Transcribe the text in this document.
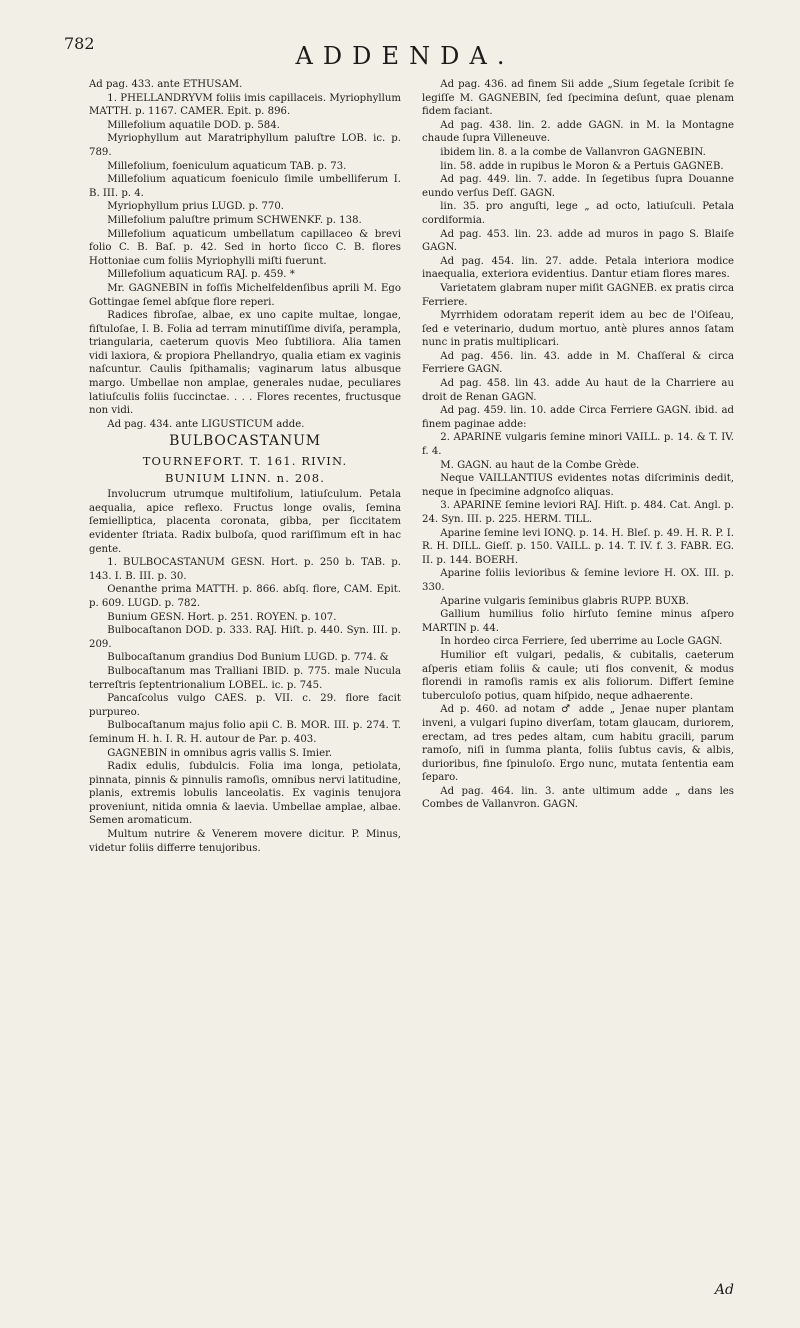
782	ADDENDA.

Ad pag. 433. ante ETHUSAM.

1. PHELLANDRYVM foliis imis capillaceis. Myriophyllum MATTH. p. 1167. CAMER. Epit. p. 896.

Millefolium aquatile DOD. p. 584.

Myriophyllum aut Maratriphyllum paluſtre LOB. ic. p. 789.

Millefolium, foeniculum aquaticum TAB. p. 73.

Millefolium aquaticum foeniculo ſimile umbelliferum I. B. III. p. 4.

Myriophyllum prius LUGD. p. 770.

Millefolium paluſtre primum SCHWENKF. p. 138.

Millefolium aquaticum umbellatum capillaceo & brevi folio C. B. Baſ. p. 42. Sed in horto ſicco C. B. flores Hottoniae cum foliis Myriophylli miſti fuerunt.

Millefolium aquaticum RAJ. p. 459. *

Mr. GAGNEBIN in foſſis Michelfeldenſibus aprili M. Ego Gottingae ſemel abſque flore reperi.

Radices fibroſae, albae, ex uno capite multae, longae, fiſtuloſae, I. B. Folia ad terram minutiſſime diviſa, perampla, triangularia, caeterum quovis Meo ſubtiliora. Alia tamen vidi laxiora, & propiora Phellandryo, qualia etiam ex vaginis naſcuntur. Caulis ſpithamalis; vaginarum latus albusque margo. Umbellae non amplae, generales nudae, peculiares latiuſculis foliis ſuccinctae. . . . Flores recentes, fructusque non vidi.

Ad pag. 434. ante LIGUSTICUM adde.

BULBOCASTANUM
TOURNEFORT. T. 161. RIVIN.
BUNIUM LINN. n. 208.

Involucrum utrumque multifolium, latiuſculum. Petala aequalia, apice reflexo. Fructus longe ovalis, ſemina ſemielliptica, placenta coronata, gibba, per ſiccitatem evidenter ſtriata. Radix bulboſa, quod rariſſimum eſt in hac gente.

1. BULBOCASTANUM GESN. Hort. p. 250 b. TAB. p. 143. I. B. III. p. 30.

Oenanthe prima MATTH. p. 866. abſq. flore, CAM. Epit. p. 609. LUGD. p. 782.

Bunium GESN. Hort. p. 251. ROYEN. p. 107.

Bulbocaſtanon DOD. p. 333. RAJ. Hiſt. p. 440. Syn. III. p. 209.

Bulbocaſtanum grandius Dod Bunium LUGD. p. 774. &

Bulbocaſtanum mas Tralliani IBID. p. 775. male Nucula terreſtris ſeptentrionalium LOBEL. ic. p. 745.

Pancaſcolus vulgo CAES. p. VII. c. 29. flore facit purpureo.

Bulbocaſtanum majus folio apii C. B. MOR. III. p. 274. T. ſeminum H. h. I. R. H. autour de Par. p. 403.

GAGNEBIN in omnibus agris vallis S. Imier.

Radix edulis, ſubdulcis. Folia ima longa, petiolata, pinnata, pinnis & pinnulis ramoſis, omnibus nervi latitudine, planis, extremis lobulis lanceolatis. Ex vaginis tenujora proveniunt, nitida omnia & laevia. Umbellae amplae, albae. Semen aromaticum.

Multum nutrire & Venerem movere dicitur. P. Minus, videtur foliis differre tenujoribus.

Ad pag. 436. ad finem Sii adde „Sium ſegetale ſcribit ſe legiſſe M. GAGNEBIN, ſed ſpecimina deſunt, quae plenam fidem faciant.

Ad pag. 438. lin. 2. adde GAGN. in M. la Montagne chaude ſupra Villeneuve.

ibidem lin. 8. a la combe de Vallanvron GAGNEBIN.

lin. 58. adde in rupibus le Moron & a Pertuis GAGNEB.

Ad pag. 449. lin. 7. adde. In ſegetibus ſupra Douanne eundo verſus Deſſ. GAGN.

lin. 35. pro anguſti, lege „ ad octo, latiuſculi. Petala cordiformia.

Ad pag. 453. lin. 23. adde ad muros in pago S. Blaiſe GAGN.

Ad pag. 454. lin. 27. adde. Petala interiora modice inaequalia, exteriora evidentius. Dantur etiam flores mares.

Varietatem glabram nuper miſit GAGNEB. ex pratis circa Ferriere.

Myrrhidem odoratam reperit idem au bec de l'Oiſeau, ſed e veterinario, dudum mortuo, antè plures annos ſatam nunc in pratis multiplicari.

Ad pag. 456. lin. 43. adde in M. Chaſſeral & circa Ferriere GAGN.

Ad pag. 458. lin 43. adde Au haut de la Charriere au droit de Renan GAGN.

Ad pag. 459. lin. 10. adde Circa Ferriere GAGN. ibid. ad finem paginae adde:

2. APARINE vulgaris ſemine minori VAILL. p. 14. & T. IV. f. 4.

M. GAGN. au haut de la Combe Grède.

Neque VAILLANTIUS evidentes notas diſcriminis dedit, neque in ſpecimine adgnoſco aliquas.

3. APARINE ſemine leviori RAJ. Hiſt. p. 484. Cat. Angl. p. 24. Syn. III. p. 225. HERM. TILL.

Aparine ſemine levi IONQ. p. 14. H. Bleſ. p. 49. H. R. P. I. R. H. DILL. Gieſſ. p. 150. VAILL. p. 14. T. IV. f. 3. FABR. EG. II. p. 144. BOERH.

Aparine foliis levioribus & ſemine leviore H. OX. III. p. 330.

Aparine vulgaris ſeminibus glabris RUPP. BUXB.

Gallium humilius folio hirſuto ſemine minus aſpero MARTIN p. 44.

In hordeo circa Ferriere, ſed uberrime au Locle GAGN.

Humilior eſt vulgari, pedalis, & cubitalis, caeterum aſperis etiam foliis & caule; uti flos convenit, & modus florendi in ramoſis ramis ex alis foliorum. Differt ſemine tuberculoſo potius, quam hiſpido, neque adhaerente.

Ad p. 460. ad notam ♂ adde „ Jenae nuper plantam inveni, a vulgari ſupino diverſam, totam glaucam, duriorem, erectam, ad tres pedes altam, cum habitu gracili, parum ramoſo, niſi in ſumma planta, foliis ſubtus cavis, & albis, durioribus, fine ſpinuloſo. Ergo nunc, mutata ſententia eam ſeparo.

Ad pag. 464. lin. 3. ante ultimum adde „ dans les Combes de Vallanvron. GAGN.

Ad
